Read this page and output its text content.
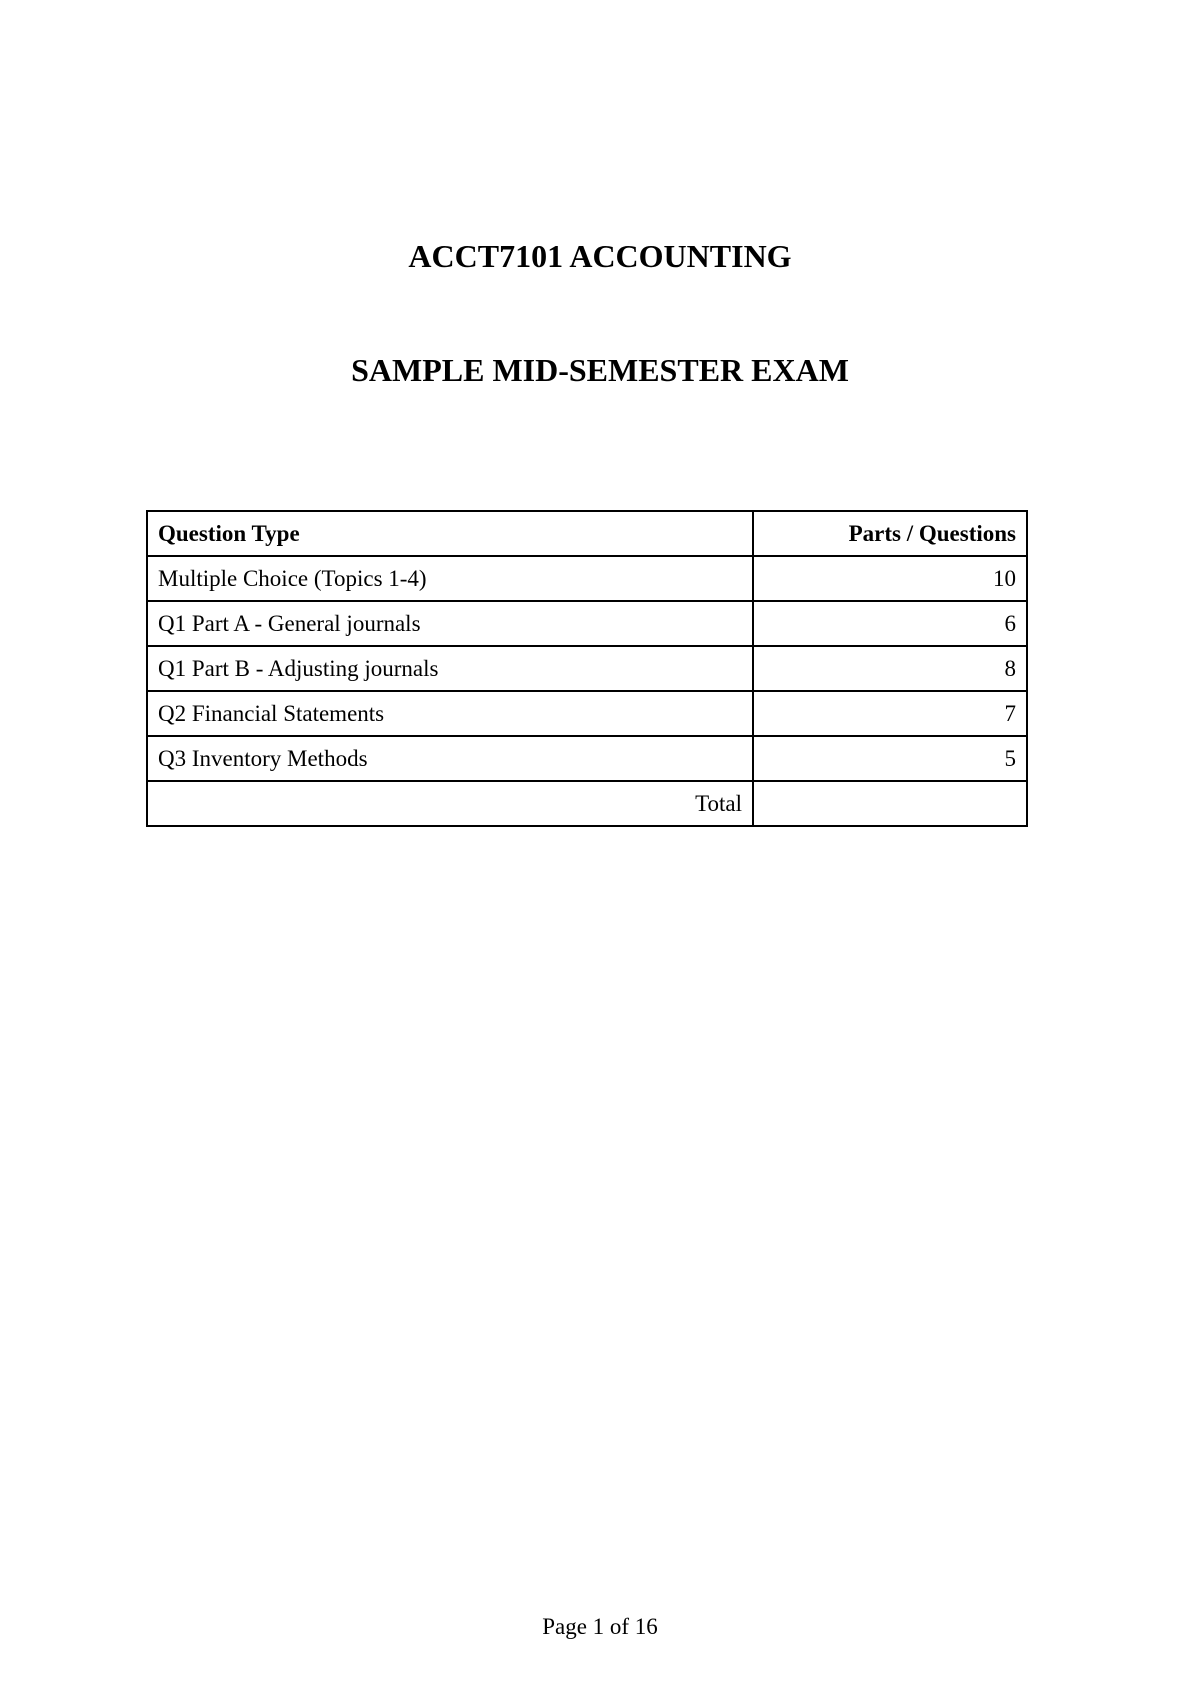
ACCT7101 ACCOUNTING
SAMPLE MID-SEMESTER EXAM
Question Type	Parts / Questions
Multiple Choice (Topics 1-4)	10
Q1 Part A - General journals	6
Q1 Part B - Adjusting journals	8
Q2 Financial Statements	7
Q3 Inventory Methods	5
Total	
Page 1 of 16
